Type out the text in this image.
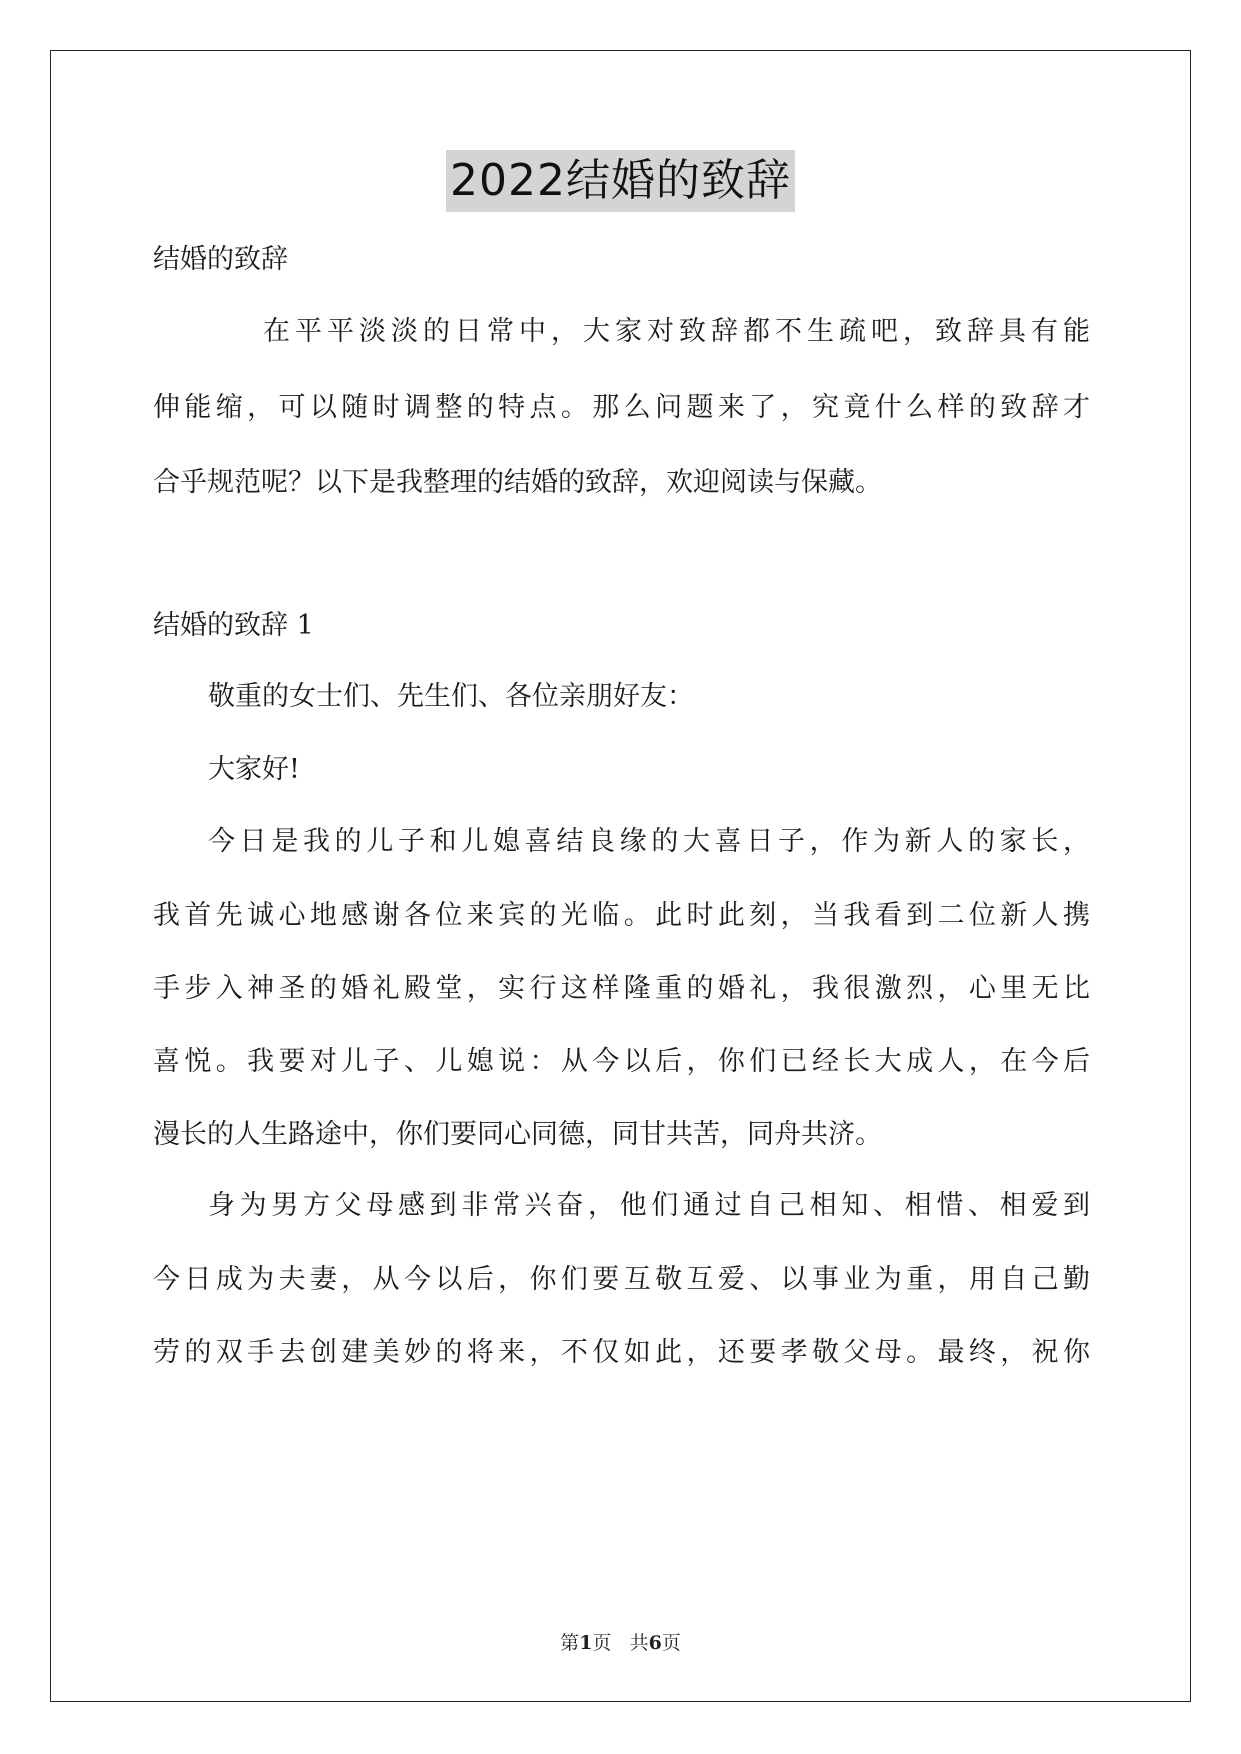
2022结婚的致辞
结婚的致辞
在平平淡淡的日常中，大家对致辞都不生疏吧，致辞具有能
伸能缩，可以随时调整的特点。那么问题来了，究竟什么样的致辞才
合乎规范呢？以下是我整理的结婚的致辞，欢迎阅读与保藏。
结婚的致辞 1
敬重的女士们、先生们、各位亲朋好友：
大家好!
今日是我的儿子和儿媳喜结良缘的大喜日子，作为新人的家长，
我首先诚心地感谢各位来宾的光临。此时此刻，当我看到二位新人携
手步入神圣的婚礼殿堂，实行这样隆重的婚礼，我很激烈，心里无比
喜悦。我要对儿子、儿媳说：从今以后，你们已经长大成人，在今后
漫长的人生路途中，你们要同心同德，同甘共苦，同舟共济。
身为男方父母感到非常兴奋，他们通过自己相知、相惜、相爱到
今日成为夫妻，从今以后，你们要互敬互爱、以事业为重，用自己勤
劳的双手去创建美妙的将来，不仅如此，还要孝敬父母。最终，祝你
第1页 共6页
